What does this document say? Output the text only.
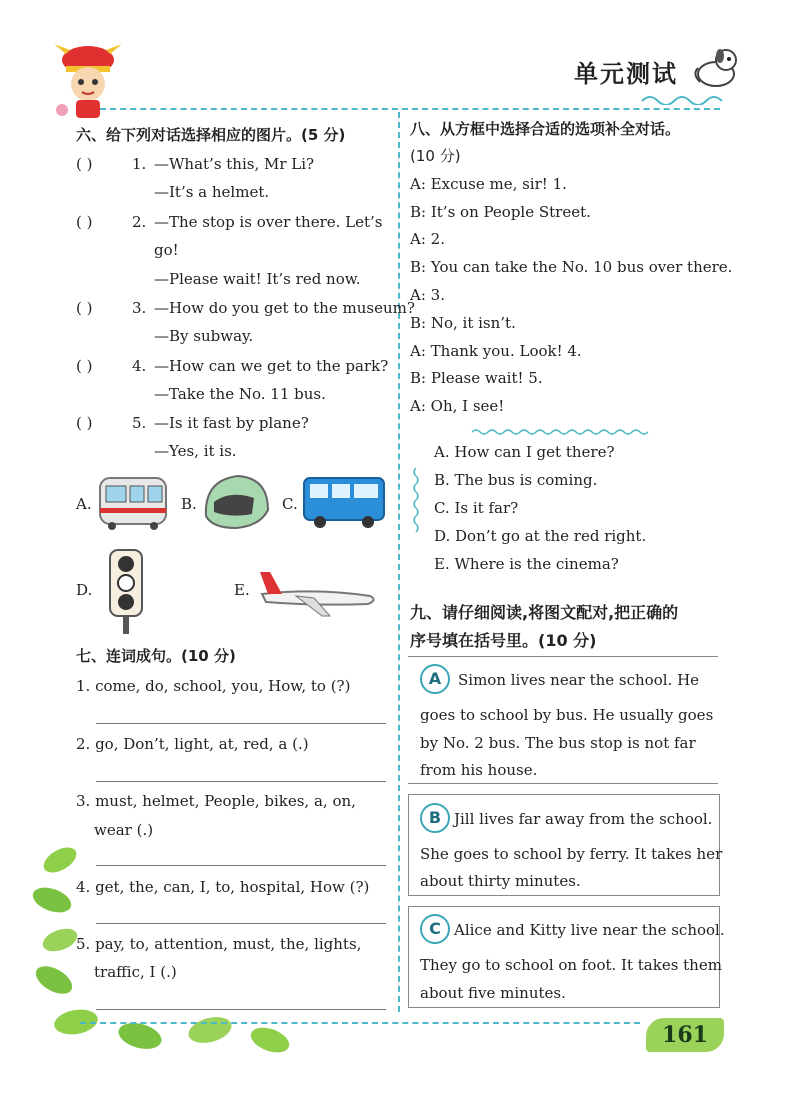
单元测试
六、给下列对话选择相应的图片。(5 分)
( )	1. —What’s this, Mr Li?
—It’s a helmet.
( )	2. —The stop is over there. Let’s
go!
—Please wait! It’s red now.
( )	3. —How do you get to the museum?
—By subway.
( )	4. —How can we get to the park?
—Take the No. 11 bus.
( )	5. —Is it fast by plane?
—Yes, it is.
A.	B.	C.
D.	E.
七、连词成句。(10 分)
1. come, do, school, you, How, to (?)
2. go, Don’t, light, at, red, a (.)
3. must, helmet, People, bikes, a, on,
wear (.)
4. get, the, can, I, to, hospital, How (?)
5. pay, to, attention, must, the, lights,
traffic, I (.)
八、从方框中选择合适的选项补全对话。
(10 分)
A: Excuse me, sir! 1.
B: It’s on People Street.
A: 2.
B: You can take the No. 10 bus over there.
A: 3.
B: No, it isn’t.
A: Thank you. Look! 4.
B: Please wait! 5.
A: Oh, I see!
A. How can I get there?
B. The bus is coming.
C. Is it far?
D. Don’t go at the red right.
E. Where is the cinema?
九、请仔细阅读,将图文配对,把正确的
序号填在括号里。(10 分)
A	Simon lives near the school. He
goes to school by bus. He usually goes
by No. 2 bus. The bus stop is not far
from his house.
B Jill lives far away from the school.
She goes to school by ferry. It takes her
about thirty minutes.
C Alice and Kitty live near the school.
They go to school on foot. It takes them
about five minutes.
161
